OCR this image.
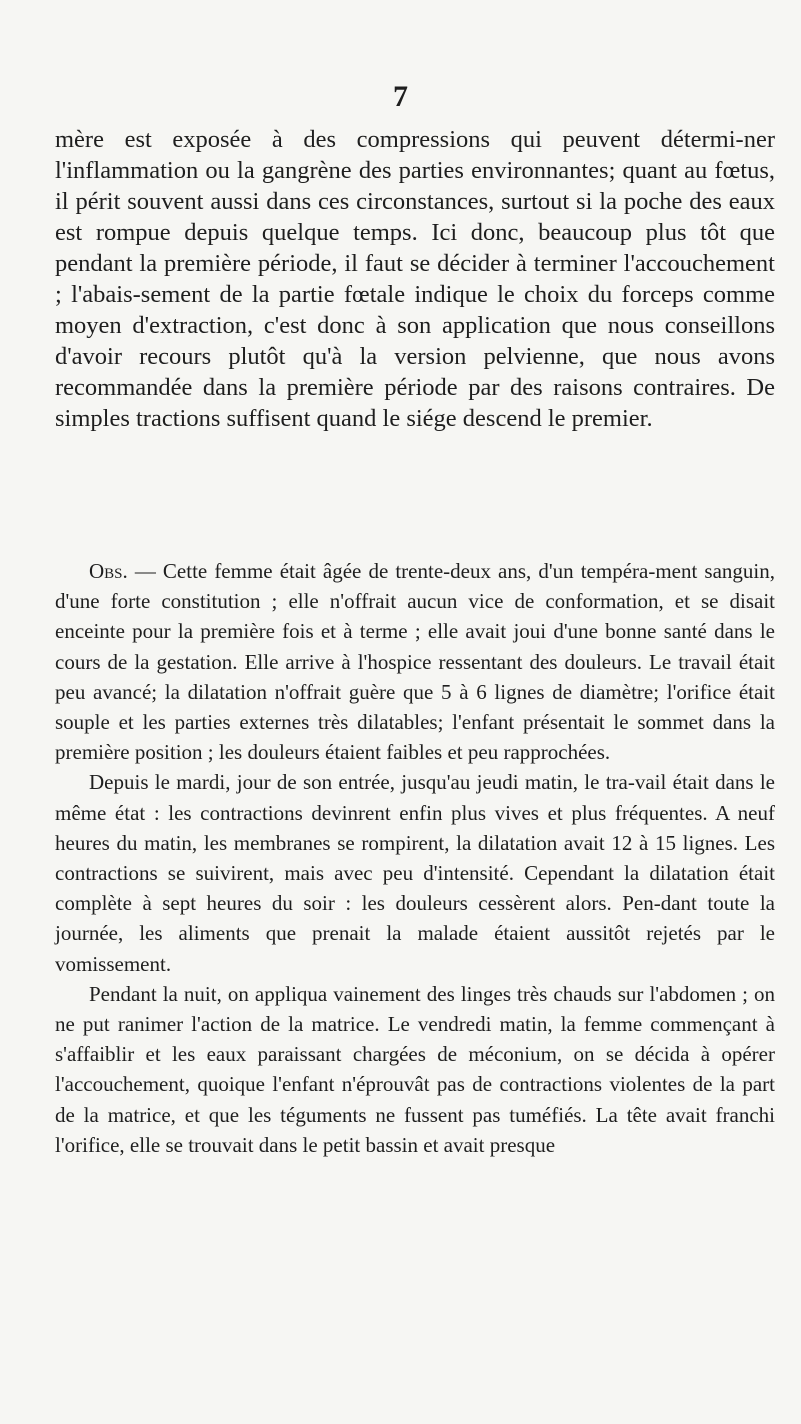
7

mère est exposée à des compressions qui peuvent détermi-ner l'inflammation ou la gangrène des parties environnantes; quant au fœtus, il périt souvent aussi dans ces circonstances, surtout si la poche des eaux est rompue depuis quelque temps. Ici donc, beaucoup plus tôt que pendant la première période, il faut se décider à terminer l'accouchement ; l'abais-sement de la partie fœtale indique le choix du forceps comme moyen d'extraction, c'est donc à son application que nous conseillons d'avoir recours plutôt qu'à la version pelvienne, que nous avons recommandée dans la première période par des raisons contraires. De simples tractions suffisent quand le siége descend le premier.

Obs. — Cette femme était âgée de trente-deux ans, d'un tempéra-ment sanguin, d'une forte constitution ; elle n'offrait aucun vice de conformation, et se disait enceinte pour la première fois et à terme ; elle avait joui d'une bonne santé dans le cours de la gestation. Elle arrive à l'hospice ressentant des douleurs. Le travail était peu avancé; la dilatation n'offrait guère que 5 à 6 lignes de diamètre; l'orifice était souple et les parties externes très dilatables; l'enfant présentait le sommet dans la première position ; les douleurs étaient faibles et peu rapprochées.

Depuis le mardi, jour de son entrée, jusqu'au jeudi matin, le tra-vail était dans le même état : les contractions devinrent enfin plus vives et plus fréquentes. A neuf heures du matin, les membranes se rompirent, la dilatation avait 12 à 15 lignes. Les contractions se suivirent, mais avec peu d'intensité. Cependant la dilatation était complète à sept heures du soir : les douleurs cessèrent alors. Pen-dant toute la journée, les aliments que prenait la malade étaient aussitôt rejetés par le vomissement.

Pendant la nuit, on appliqua vainement des linges très chauds sur l'abdomen ; on ne put ranimer l'action de la matrice. Le vendredi matin, la femme commençant à s'affaiblir et les eaux paraissant chargées de méconium, on se décida à opérer l'accouchement, quoique l'enfant n'éprouvât pas de contractions violentes de la part de la matrice, et que les téguments ne fussent pas tuméfiés. La tête avait franchi l'orifice, elle se trouvait dans le petit bassin et avait presque
